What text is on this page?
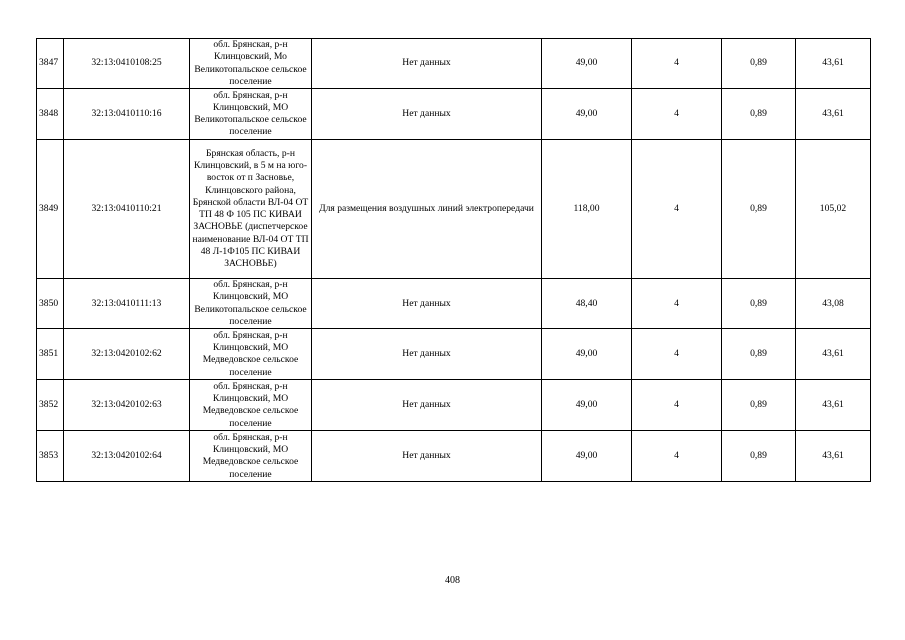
3847	32:13:0410108:25	обл. Брянская, р-н Клинцовский, Мо Великотопальское сельское поселение	Нет данных	49,00	4	0,89	43,61
3848	32:13:0410110:16	обл. Брянская, р-н Клинцовский, МО Великотопальское сельское поселение	Нет данных	49,00	4	0,89	43,61
3849	32:13:0410110:21	Брянская область, р-н Клинцовский, в 5 м на юго-восток от п Засновье, Клинцовского района, Брянской области ВЛ-04 ОТ ТП 48 Ф 105 ПС КИВАИ ЗАСНОВЬЕ (диспетчерское наименование ВЛ-04 ОТ ТП 48 Л-1Ф105 ПС КИВАИ ЗАСНОВЬЕ)	Для размещения воздушных линий электропередачи	118,00	4	0,89	105,02
3850	32:13:0410111:13	обл. Брянская, р-н Клинцовский, МО Великотопальское сельское поселение	Нет данных	48,40	4	0,89	43,08
3851	32:13:0420102:62	обл. Брянская, р-н Клинцовский, МО Медведовское сельское поселение	Нет данных	49,00	4	0,89	43,61
3852	32:13:0420102:63	обл. Брянская, р-н Клинцовский, МО Медведовское сельское поселение	Нет данных	49,00	4	0,89	43,61
3853	32:13:0420102:64	обл. Брянская, р-н Клинцовский, МО Медведовское сельское поселение	Нет данных	49,00	4	0,89	43,61
408
